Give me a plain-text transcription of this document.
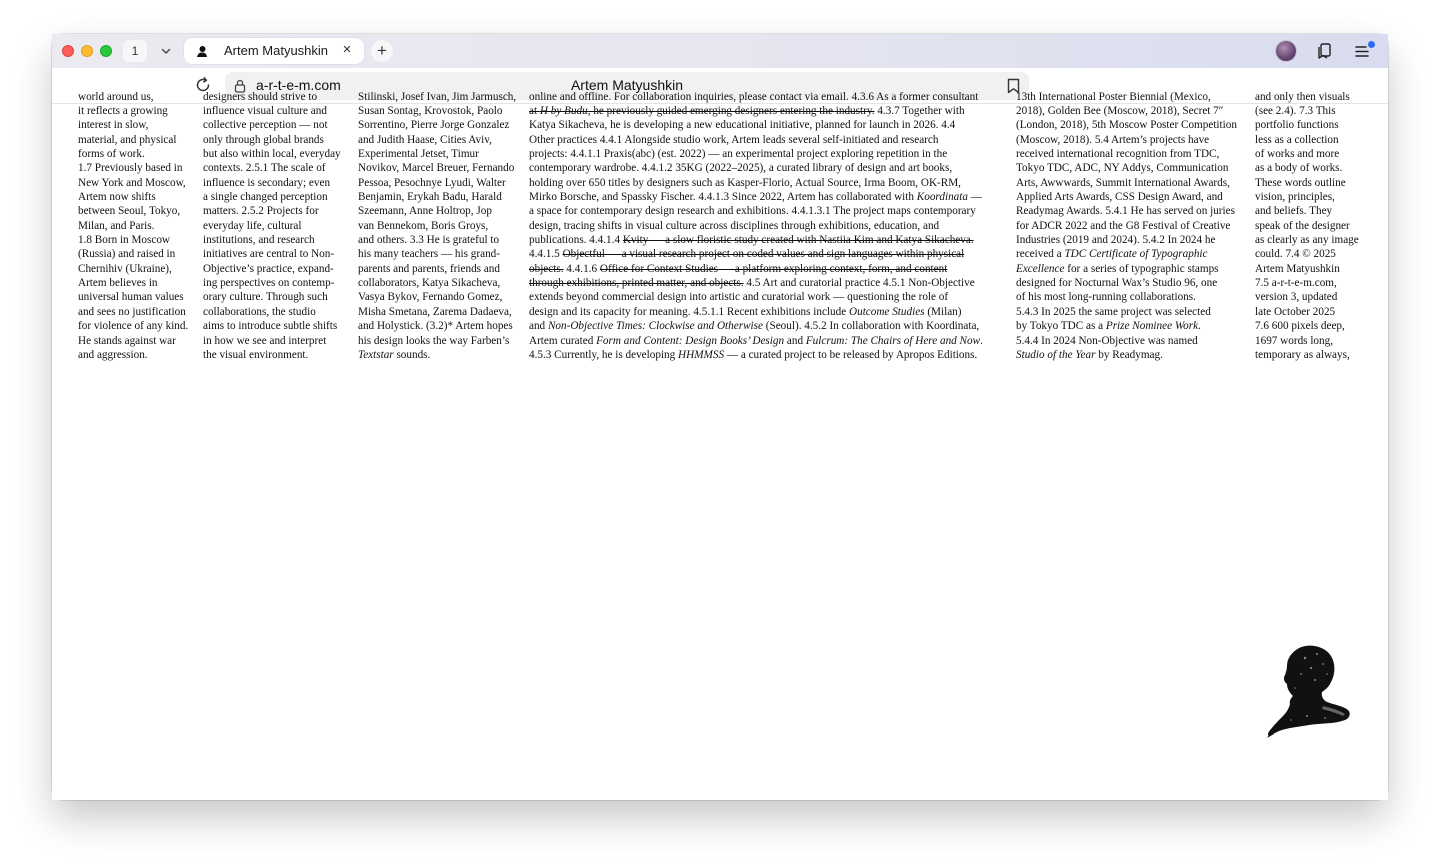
1	Artem Matyushkin ×	+
a-r-t-e-m.com	Artem Matyushkin
world around us,

it reflects a growing

interest in slow,

material, and physical

forms of work.

1.7 Previously based in

New York and Moscow,

Artem now shifts

between Seoul, Tokyo,

Milan, and Paris.

1.8 Born in Moscow

(Russia) and raised in

Chernihiv (Ukraine),

Artem believes in

universal human values

and sees no justification

for violence of any kind.

He stands against war

and aggression.

designers should strive to

influence visual culture and

collective perception — not

only through global brands

but also within local, everyday

contexts. 2.5.1 The scale of

influence is secondary; even

a single changed perception

matters. 2.5.2 Projects for

everyday life, cultural

institutions, and research

initiatives are central to Non-

Objective’s practice, expand-

ing perspectives on contemp-

orary culture. Through such

collaborations, the studio

aims to introduce subtle shifts

in how we see and interpret

the visual environment.

Stilinski, Josef Ivan, Jim Jarmusch,

Susan Sontag, Krovostok, Paolo

Sorrentino, Pierre Jorge Gonzalez

and Judith Haase, Cities Aviv,

Experimental Jetset, Timur

Novikov, Marcel Breuer, Fernando

Pessoa, Pesochnye Lyudi, Walter

Benjamin, Erykah Badu, Harald

Szeemann, Anne Holtrop, Jop

van Bennekom, Boris Groys,

and others. 3.3 He is grateful to

his many teachers — his grand-

parents and parents, friends and

collaborators, Katya Sikacheva,

Vasya Bykov, Fernando Gomez,

Misha Smetana, Zarema Dadaeva,

and Holystick. (3.2)* Artem hopes

his design looks the way Farben’s

Textstar sounds.

online and offline. For collaboration inquiries, please contact via email. 4.3.6 As a former consultant

at H by Budu, he previously guided emerging designers entering the industry. 4.3.7 Together with

Katya Sikacheva, he is developing a new educational initiative, planned for launch in 2026. 4.4

Other practices 4.4.1 Alongside studio work, Artem leads several self-initiated and research

projects: 4.4.1.1 Praxis(abc) (est. 2022) — an experimental project exploring repetition in the

contemporary wardrobe. 4.4.1.2 35KG (2022–2025), a curated library of design and art books,

holding over 650 titles by designers such as Kasper-Florio, Actual Source, Irma Boom, OK-RM,

Mirko Borsche, and Spassky Fischer. 4.4.1.3 Since 2022, Artem has collaborated with Koordinata —

a space for contemporary design research and exhibitions. 4.4.1.3.1 The project maps contemporary

design, tracing shifts in visual culture across disciplines through exhibitions, education, and

publications. 4.4.1.4 Kvity — a slow floristic study created with Nastiia Kim and Katya Sikacheva.

4.4.1.5 Objectful — a visual research project on coded values and sign languages within physical

objects. 4.4.1.6 Office for Context Studies — a platform exploring context, form, and content

through exhibitions, printed matter, and objects. 4.5 Art and curatorial practice 4.5.1 Non-Objective

extends beyond commercial design into artistic and curatorial work — questioning the role of

design and its capacity for meaning. 4.5.1.1 Recent exhibitions include Outcome Studies (Milan)

and Non-Objective Times: Clockwise and Otherwise (Seoul). 4.5.2 In collaboration with Koordinata,

Artem curated Form and Content: Design Books’ Design and Fulcrum: The Chairs of Here and Now.

4.5.3 Currently, he is developing HHMMSS — a curated project to be released by Apropos Editions.

13th International Poster Biennial (Mexico,

2018), Golden Bee (Moscow, 2018), Secret 7″

(London, 2018), 5th Moscow Poster Competition

(Moscow, 2018). 5.4 Artem’s projects have

received international recognition from TDC,

Tokyo TDC, ADC, NY Addys, Communication

Arts, Awwwards, Summit International Awards,

Applied Arts Awards, CSS Design Award, and

Readymag Awards. 5.4.1 He has served on juries

for ADCR 2022 and the G8 Festival of Creative

Industries (2019 and 2024). 5.4.2 In 2024 he

received a TDC Certificate of Typographic

Excellence for a series of typographic stamps

designed for Nocturnal Wax’s Studio 96, one

of his most long-running collaborations.

5.4.3 In 2025 the same project was selected

by Tokyo TDC as a Prize Nominee Work.

5.4.4 In 2024 Non-Objective was named

Studio of the Year by Readymag.

and only then visuals

(see 2.4). 7.3 This

portfolio functions

less as a collection

of works and more

as a body of works.

These words outline

vision, principles,

and beliefs. They

speak of the designer

as clearly as any image

could. 7.4 © 2025

Artem Matyushkin

7.5 a-r-t-e-m.com,

version 3, updated

late October 2025

7.6 600 pixels deep,

1697 words long,

temporary as always,
